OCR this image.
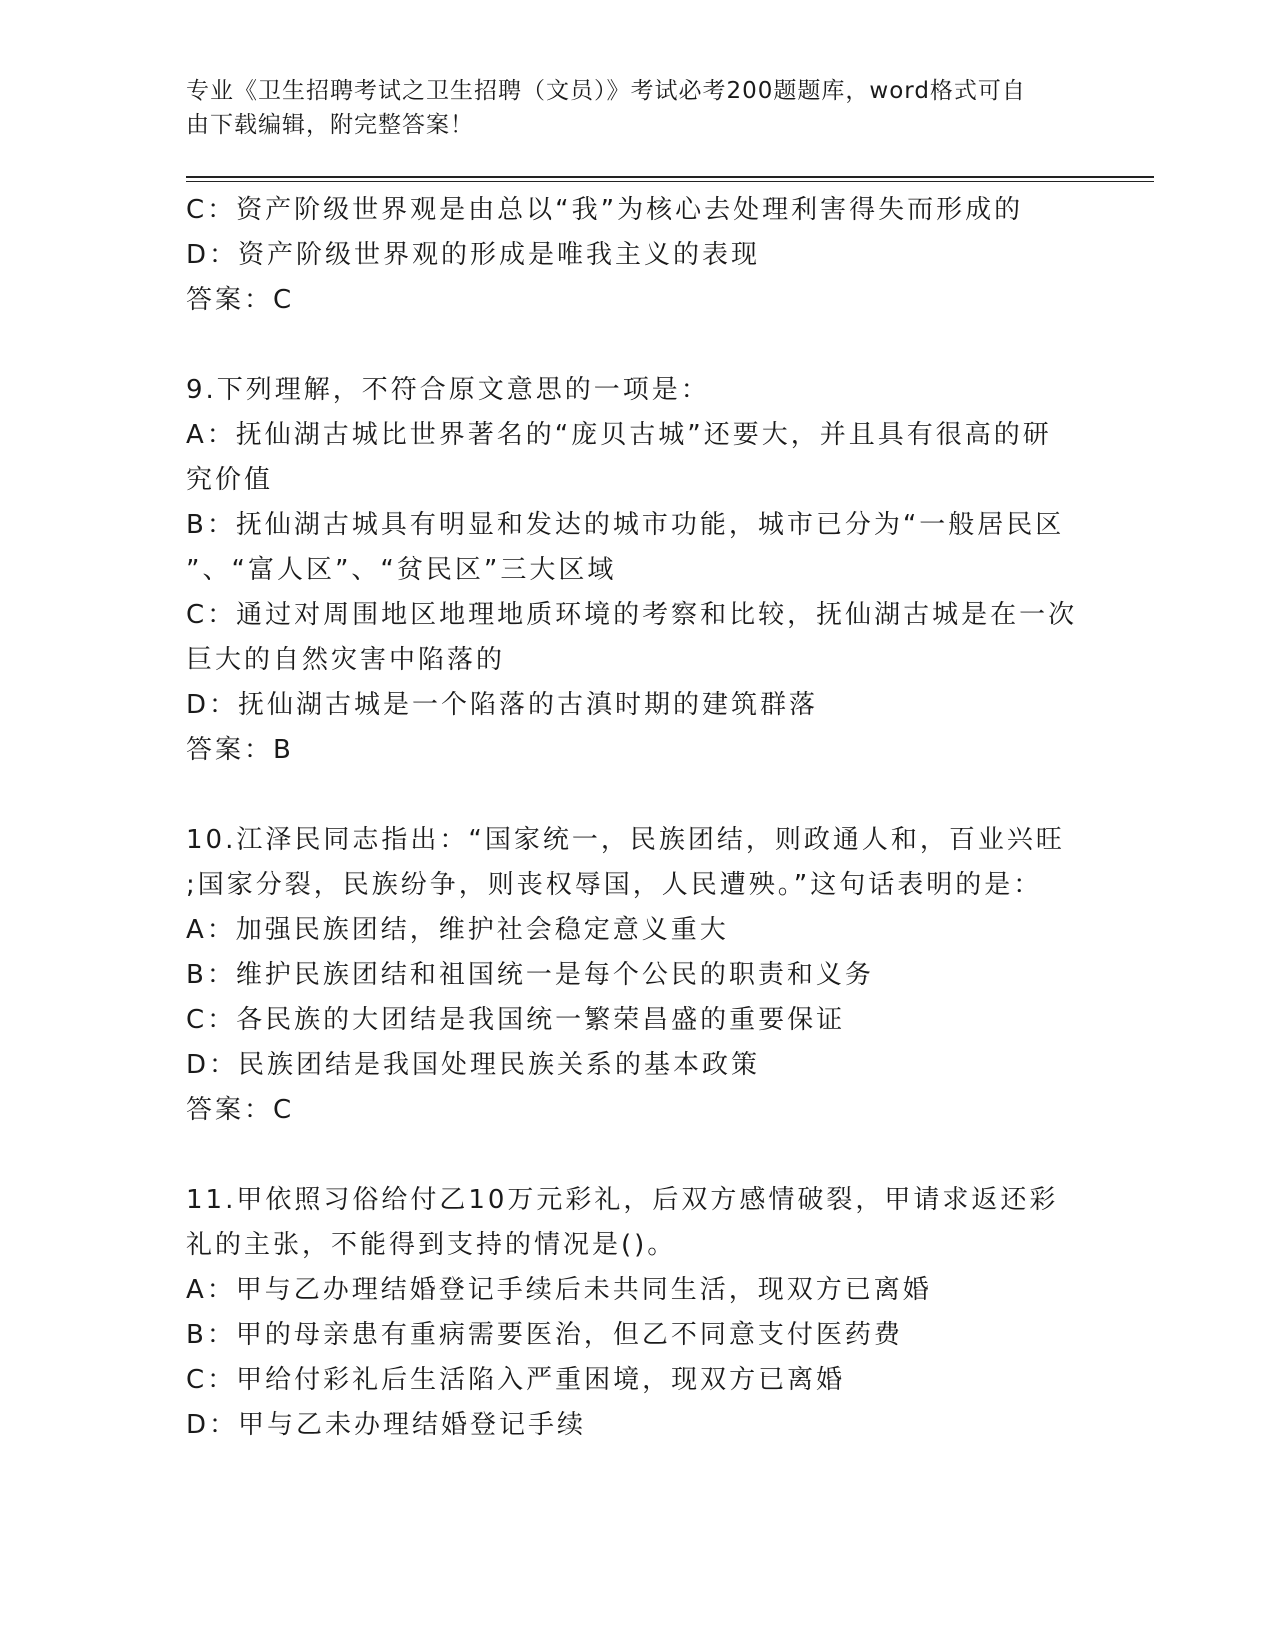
专业《卫生招聘考试之卫生招聘（文员）》考试必考200题题库，word格式可自
由下载编辑，附完整答案！
C：资产阶级世界观是由总以“我”为核心去处理利害得失而形成的
D：资产阶级世界观的形成是唯我主义的表现
答案：C
9.下列理解，不符合原文意思的一项是：
A：抚仙湖古城比世界著名的“庞贝古城”还要大，并且具有很高的研
究价值
B：抚仙湖古城具有明显和发达的城市功能，城市已分为“一般居民区
”、“富人区”、“贫民区”三大区域
C：通过对周围地区地理地质环境的考察和比较，抚仙湖古城是在一次
巨大的自然灾害中陷落的
D：抚仙湖古城是一个陷落的古滇时期的建筑群落
答案：B
10.江泽民同志指出：“国家统一，民族团结，则政通人和，百业兴旺
;国家分裂，民族纷争，则丧权辱国，人民遭殃。”这句话表明的是：
A：加强民族团结，维护社会稳定意义重大
B：维护民族团结和祖国统一是每个公民的职责和义务
C：各民族的大团结是我国统一繁荣昌盛的重要保证
D：民族团结是我国处理民族关系的基本政策
答案：C
11.甲依照习俗给付乙10万元彩礼，后双方感情破裂，甲请求返还彩
礼的主张，不能得到支持的情况是()。
A：甲与乙办理结婚登记手续后未共同生活，现双方已离婚
B：甲的母亲患有重病需要医治，但乙不同意支付医药费
C：甲给付彩礼后生活陷入严重困境，现双方已离婚
D：甲与乙未办理结婚登记手续
